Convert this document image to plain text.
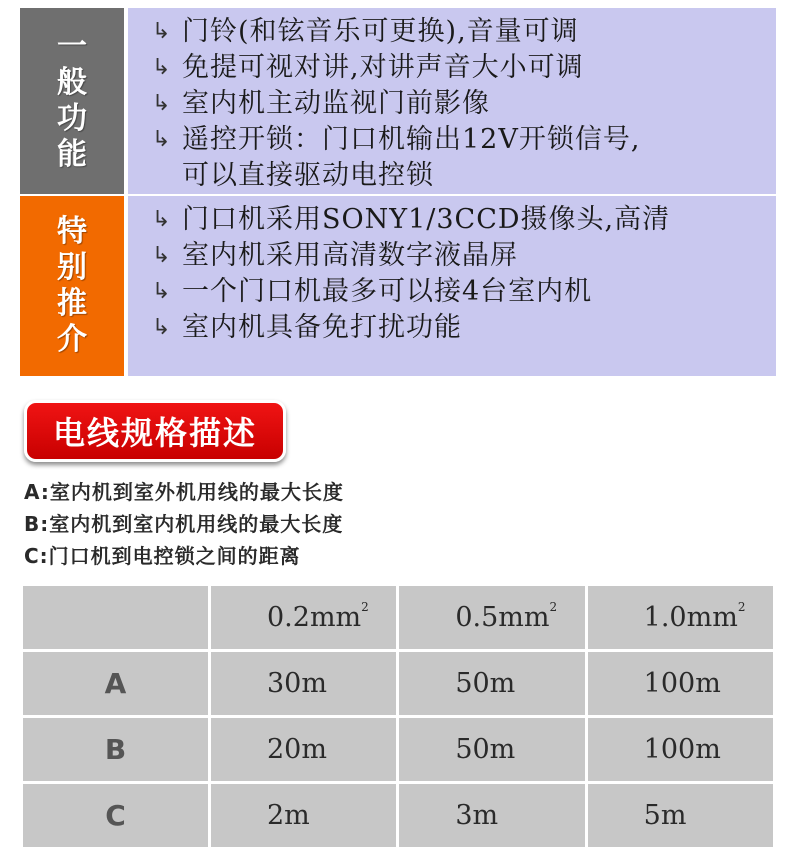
一般功能
↳ 门铃(和铉音乐可更换),音量可调
↳ 免提可视对讲,对讲声音大小可调
↳ 室内机主动监视门前影像
↳ 遥控开锁：门口机输出12V开锁信号,
可以直接驱动电控锁
特别推介
↳ 门口机采用SONY1/3CCD摄像头,高清
↳ 室内机采用高清数字液晶屏
↳ 一个门口机最多可以接4台室内机
↳ 室内机具备免打扰功能
电线规格描述
A:室内机到室外机用线的最大长度
B:室内机到室内机用线的最大长度
C:门口机到电控锁之间的距离
	$0.2mm^2$	$0.5mm^2$	$1.0mm^2$
A	30m	50m	100m
B	20m	50m	100m
C	2m	3m	5m
